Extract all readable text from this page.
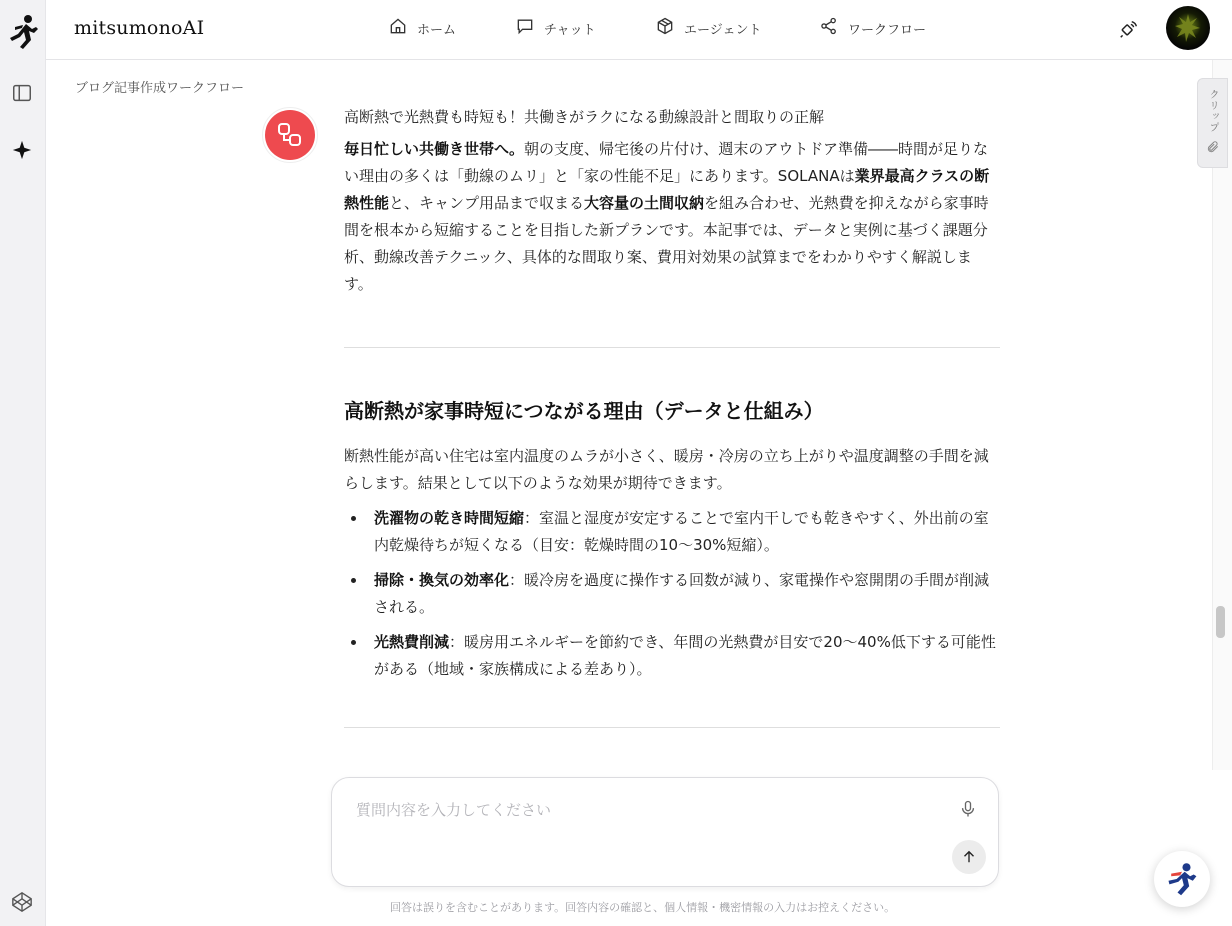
mitsumonoAI	ホーム	チャット	エージェント	ワークフロー
ブログ記事作成ワークフロー	クリップ
高断熱で光熱費も時短も！共働きがラクになる動線設計と間取りの正解

毎日忙しい共働き世帯へ。朝の支度、帰宅後の片付け、週末のアウトドア準備――時間が足りない理由の多くは「動線のムリ」と「家の性能不足」にあります。SOLANAは業界最高クラスの断熱性能と、キャンプ用品まで収まる大容量の土間収納を組み合わせ、光熱費を抑えながら家事時間を根本から短縮することを目指した新プランです。本記事では、データと実例に基づく課題分析、動線改善テクニック、具体的な間取り案、費用対効果の試算までをわかりやすく解説します。

高断熱が家事時短につながる理由（データと仕組み）

断熱性能が高い住宅は室内温度のムラが小さく、暖房・冷房の立ち上がりや温度調整の手間を減らします。結果として以下のような効果が期待できます。

洗濯物の乾き時間短縮：室温と湿度が安定することで室内干しでも乾きやすく、外出前の室内乾燥待ちが短くなる（目安：乾燥時間の10〜30%短縮）。
掃除・換気の効率化：暖冷房を過度に操作する回数が減り、家電操作や窓開閉の手間が削減される。
光熱費削減：暖房用エネルギーを節約でき、年間の光熱費が目安で20〜40%低下する可能性がある（地域・家族構成による差あり）。
質問内容を入力してください
回答は誤りを含むことがあります。回答内容の確認と、個人情報・機密情報の入力はお控えください。
